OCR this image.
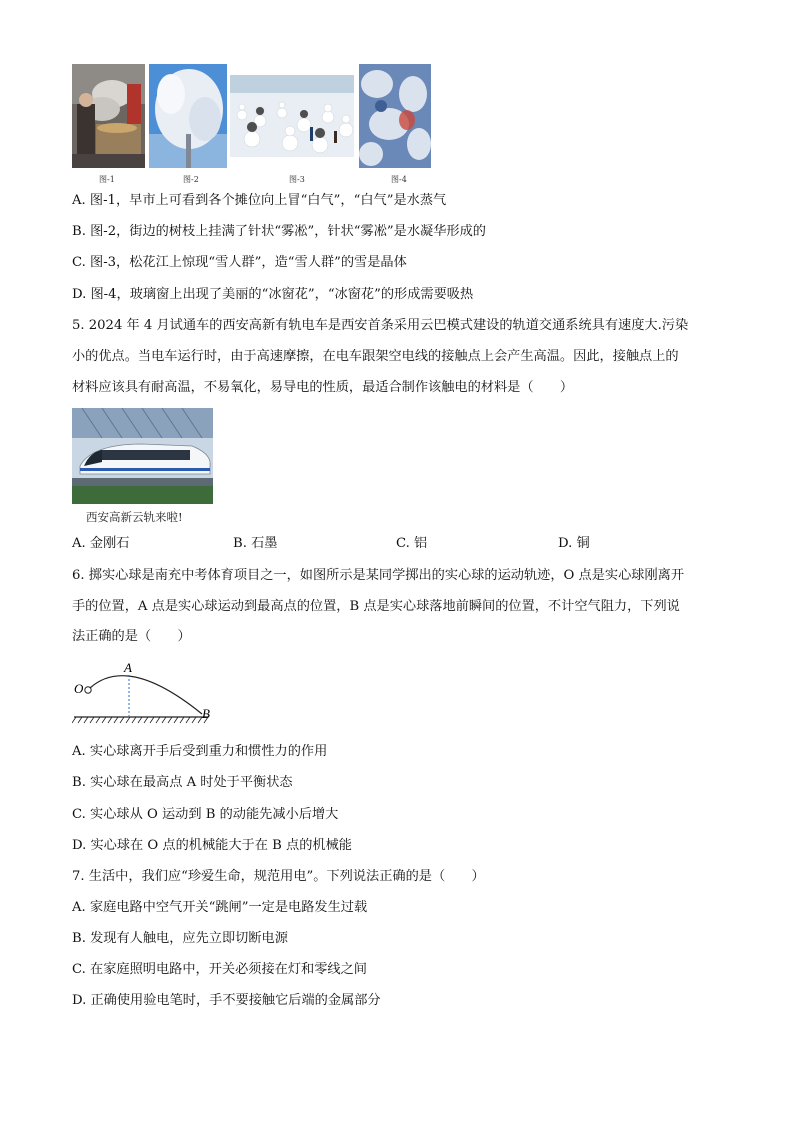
图-1	图-2	图-3	图-4
A. 图-1，早市上可看到各个摊位向上冒“白气”，“白气”是水蒸气
B. 图-2，街边的树枝上挂满了针状“雾凇”，针状“雾凇”是水凝华形成的
C. 图-3，松花江上惊现“雪人群”，造“雪人群”的雪是晶体
D. 图-4，玻璃窗上出现了美丽的“冰窗花”，“冰窗花”的形成需要吸热
5. 2024 年 4 月试通车的西安高新有轨电车是西安首条采用云巴模式建设的轨道交通系统具有速度大.污染
小的优点。当电车运行时，由于高速摩擦，在电车跟架空电线的接触点上会产生高温。因此，接触点上的
材料应该具有耐高温，不易氧化，易导电的性质，最适合制作该触电的材料是（　　）
西安高新云轨来啦!
A. 金刚石	B. 石墨	C. 铝	D. 铜
6. 掷实心球是南充中考体育项目之一，如图所示是某同学掷出的实心球的运动轨迹，O 点是实心球刚离开
手的位置，A 点是实心球运动到最高点的位置，B 点是实心球落地前瞬间的位置，不计空气阻力，下列说
法正确的是（　　）
O
A
B
A. 实心球离开手后受到重力和惯性力的作用
B. 实心球在最高点 A 时处于平衡状态
C. 实心球从 O 运动到 B 的动能先减小后增大
D. 实心球在 O 点的机械能大于在 B 点的机械能
7. 生活中，我们应“珍爱生命，规范用电”。下列说法正确的是（　　）
A. 家庭电路中空气开关“跳闸”一定是电路发生过载
B. 发现有人触电，应先立即切断电源
C. 在家庭照明电路中，开关必须接在灯和零线之间
D. 正确使用验电笔时，手不要接触它后端的金属部分
